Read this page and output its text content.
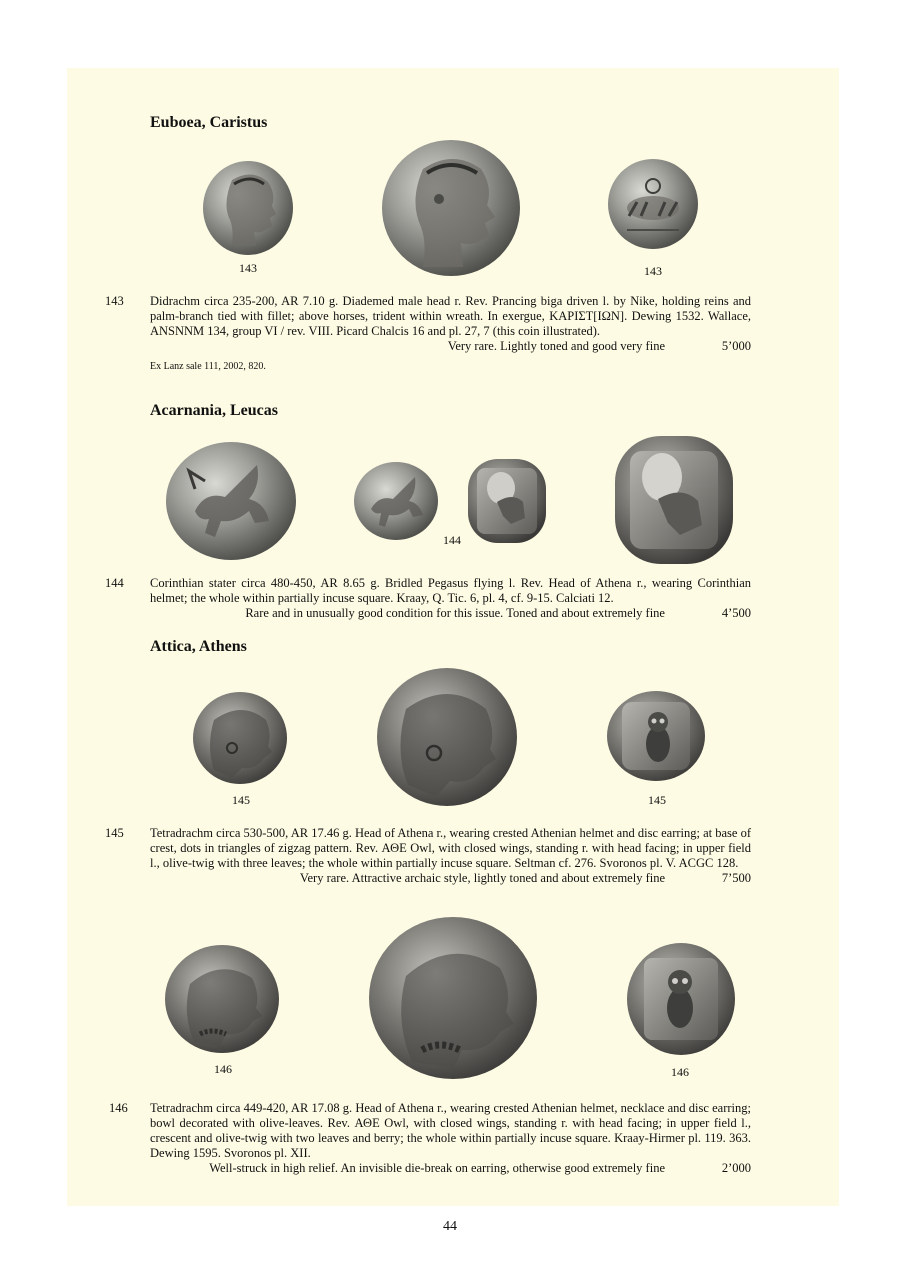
Euboea, Caristus
143	143
143 Didrachm circa 235-200, AR 7.10 g. Diademed male head r. Rev. Prancing biga driven l. by Nike, holding reins and palm-branch tied with fillet; above horses, trident within wreath. In exergue, ΚΑΡΙΣΤ[ΙΩΝ]. Dewing 1532. Wallace, ANSNNM 134, group VI / rev. VIII. Picard Chalcis 16 and pl. 27, 7 (this coin illustrated).
Very rare. Lightly toned and good very fine	5’000
Ex Lanz sale 111, 2002, 820.
Acarnania, Leucas
144
144 Corinthian stater circa 480-450, AR 8.65 g. Bridled Pegasus flying l. Rev. Head of Athena r., wearing Corinthian helmet; the whole within partially incuse square. Kraay, Q. Tic. 6, pl. 4, cf. 9-15. Calciati 12.
Rare and in unusually good condition for this issue. Toned and about extremely fine	4’500
Attica, Athens
145	145
145 Tetradrachm circa 530-500, AR 17.46 g. Head of Athena r., wearing crested Athenian helmet and disc earring; at base of crest, dots in triangles of zigzag pattern. Rev. ΑΘΕ Owl, with closed wings, standing r. with head facing; in upper field l., olive-twig with three leaves; the whole within partially incuse square. Seltman cf. 276. Svoronos pl. V. ACGC 128.
Very rare. Attractive archaic style, lightly toned and about extremely fine	7’500
146	146
146 Tetradrachm circa 449-420, AR 17.08 g. Head of Athena r., wearing crested Athenian helmet, necklace and disc earring; bowl decorated with olive-leaves. Rev. ΑΘΕ Owl, with closed wings, standing r. with head facing; in upper field l., crescent and olive-twig with two leaves and berry; the whole within partially incuse square. Kraay-Hirmer pl. 119. 363. Dewing 1595. Svoronos pl. XII.
Well-struck in high relief. An invisible die-break on earring, otherwise good extremely fine	2’000
44
